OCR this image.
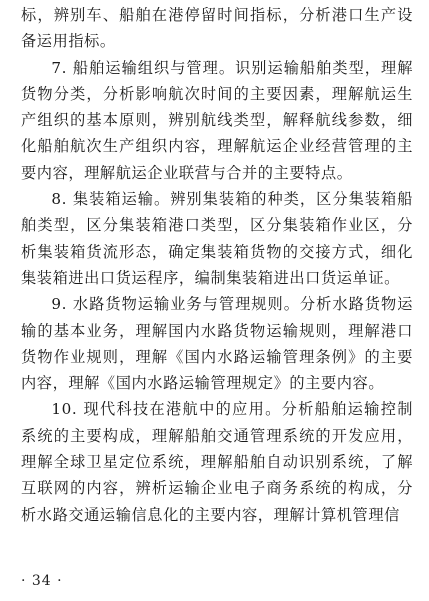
标，辨别车、船舶在港停留时间指标，分析港口生产设备运用指标。

7. 船舶运输组织与管理。识别运输船舶类型，理解货物分类，分析影响航次时间的主要因素，理解航运生产组织的基本原则，辨别航线类型，解释航线参数，细化船舶航次生产组织内容，理解航运企业经营管理的主要内容，理解航运企业联营与合并的主要特点。

8. 集装箱运输。辨别集装箱的种类，区分集装箱船舶类型，区分集装箱港口类型，区分集装箱作业区，分析集装箱货流形态，确定集装箱货物的交接方式，细化集装箱进出口货运程序，编制集装箱进出口货运单证。

9. 水路货物运输业务与管理规则。分析水路货物运输的基本业务，理解国内水路货物运输规则，理解港口货物作业规则，理解《国内水路运输管理条例》的主要内容，理解《国内水路运输管理规定》的主要内容。

10. 现代科技在港航中的应用。分析船舶运输控制系统的主要构成，理解船舶交通管理系统的开发应用，理解全球卫星定位系统，理解船舶自动识别系统，了解互联网的内容，辨析运输企业电子商务系统的构成，分析水路交通运输信息化的主要内容，理解计算机管理信

· 34 ·
